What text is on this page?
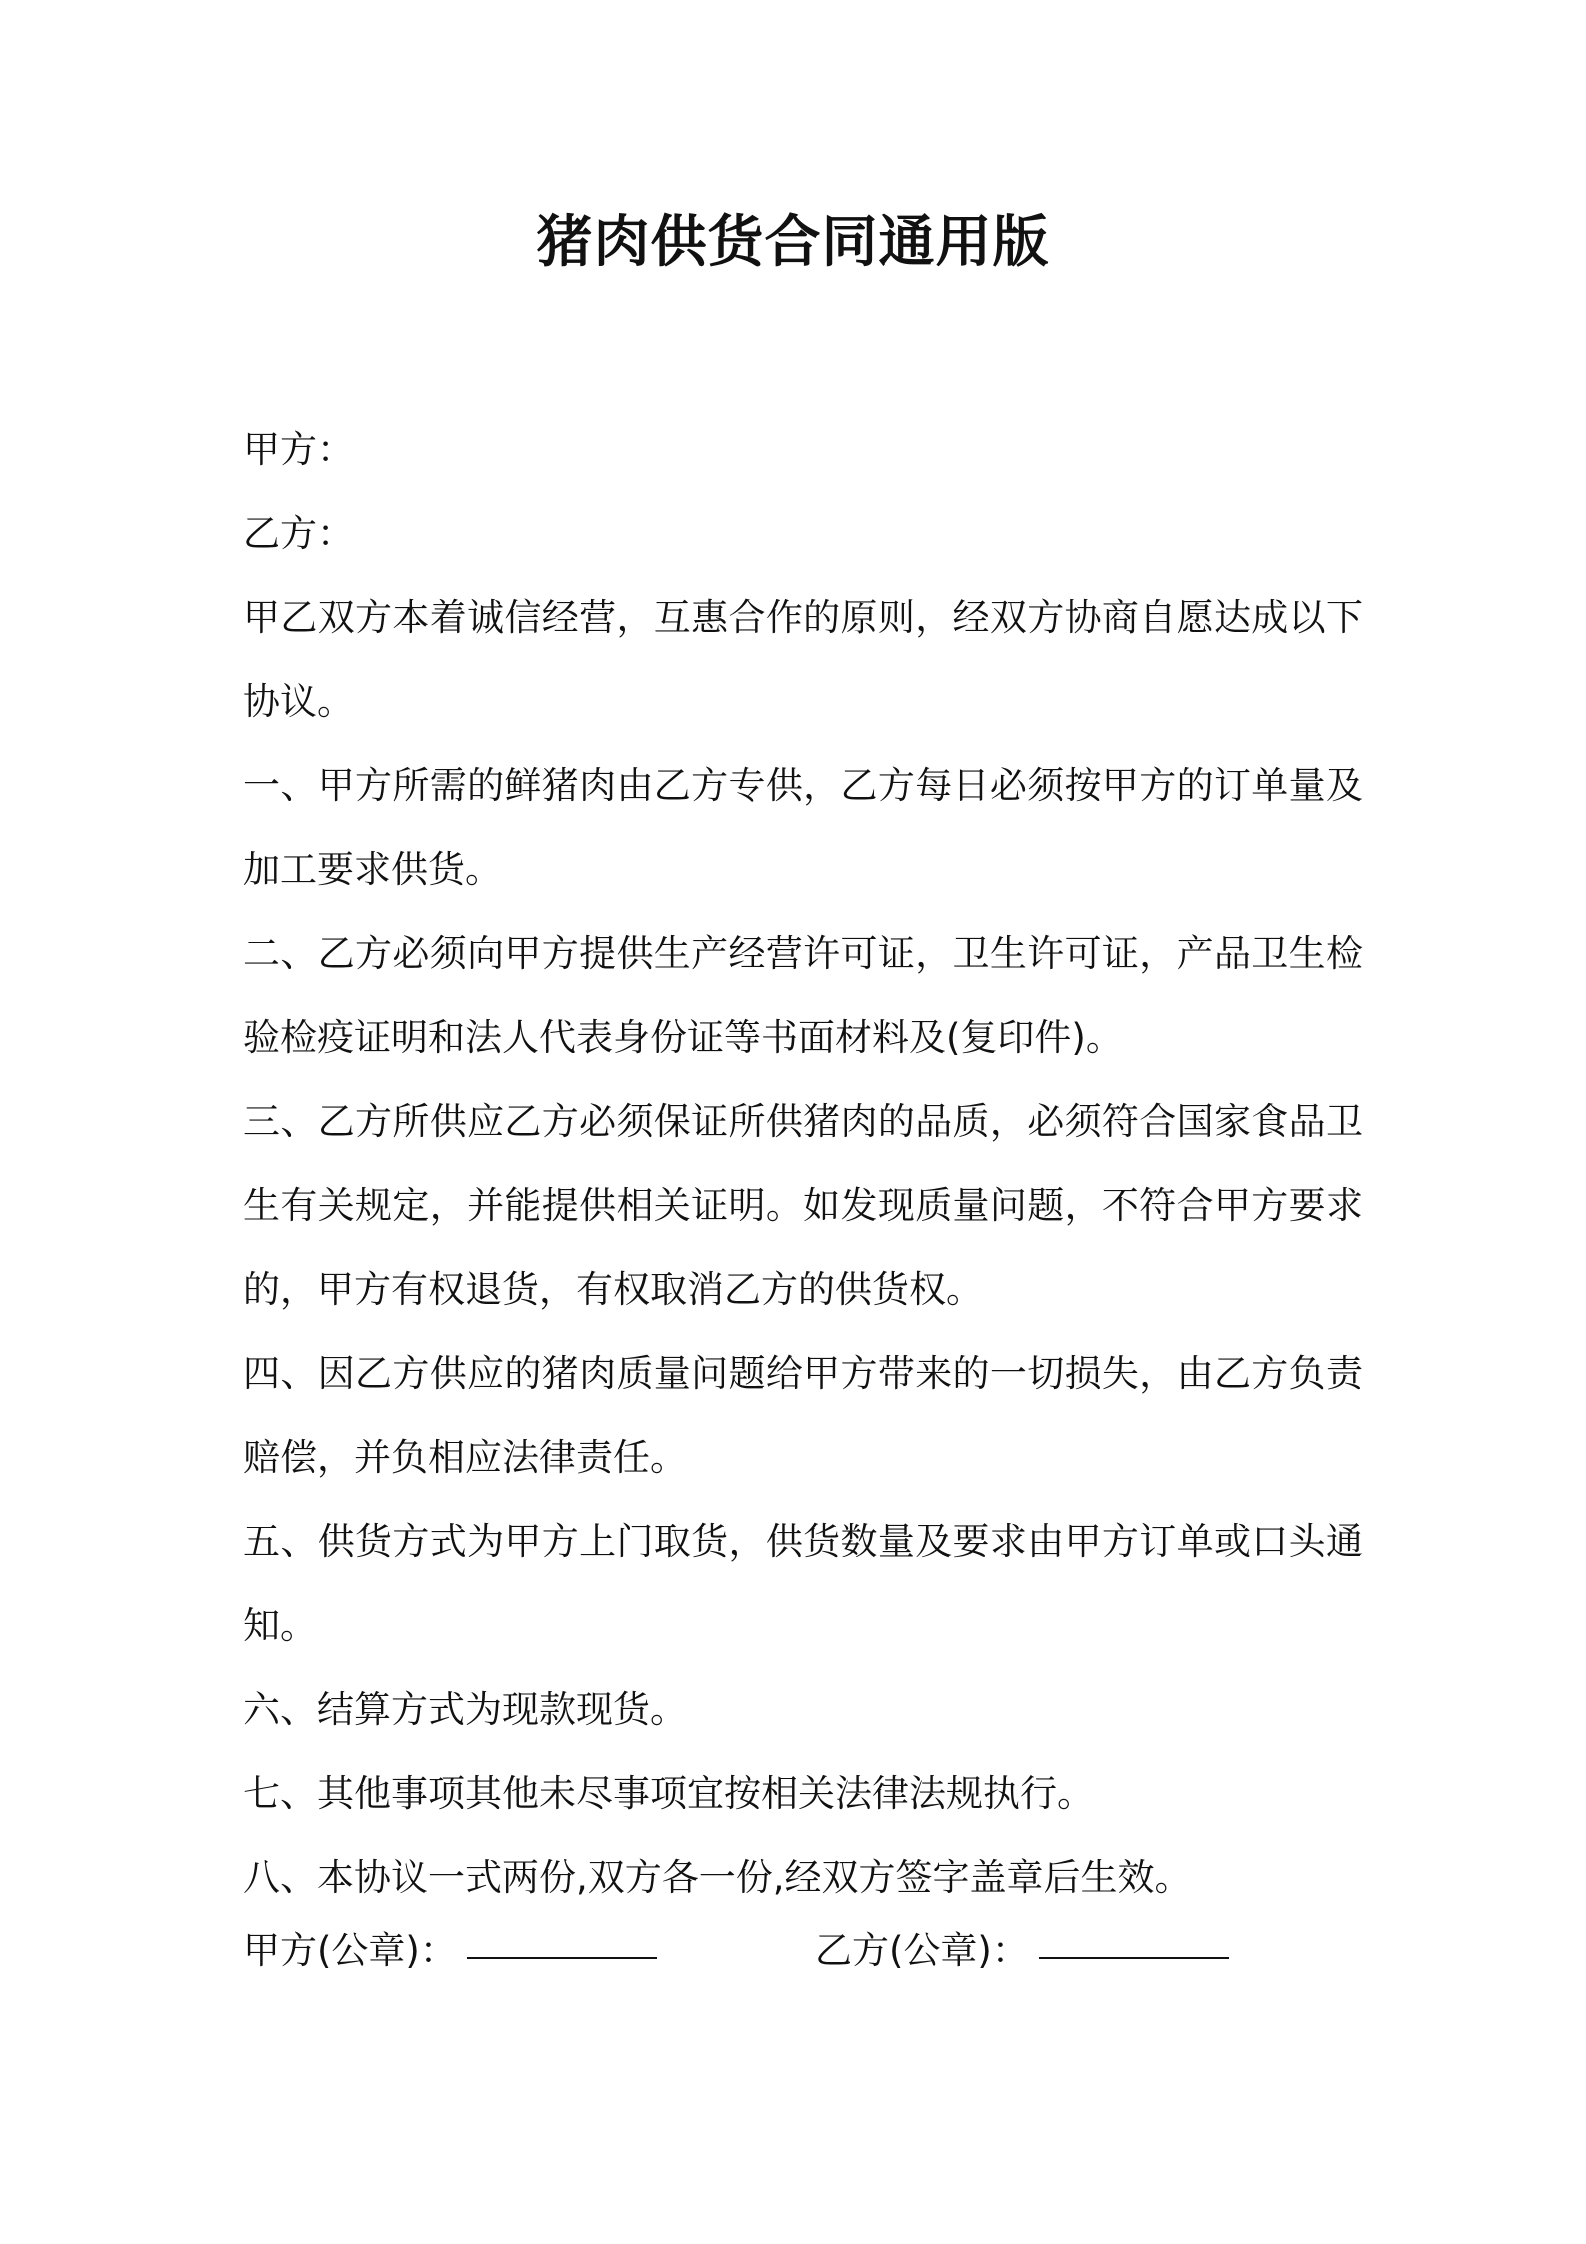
猪肉供货合同通用版

甲方：

乙方：

甲乙双方本着诚信经营，互惠合作的原则，经双方协商自愿达成以下协议。

一、甲方所需的鲜猪肉由乙方专供，乙方每日必须按甲方的订单量及加工要求供货。

二、乙方必须向甲方提供生产经营许可证，卫生许可证，产品卫生检验检疫证明和法人代表身份证等书面材料及(复印件)。

三、乙方所供应乙方必须保证所供猪肉的品质，必须符合国家食品卫生有关规定，并能提供相关证明。如发现质量问题，不符合甲方要求的，甲方有权退货，有权取消乙方的供货权。

四、因乙方供应的猪肉质量问题给甲方带来的一切损失，由乙方负责赔偿，并负相应法律责任。

五、供货方式为甲方上门取货，供货数量及要求由甲方订单或口头通知。

六、结算方式为现款现货。

七、其他事项其他未尽事项宜按相关法律法规执行。

八、本协议一式两份,双方各一份,经双方签字盖章后生效。

甲方(公章)：	乙方(公章)：
